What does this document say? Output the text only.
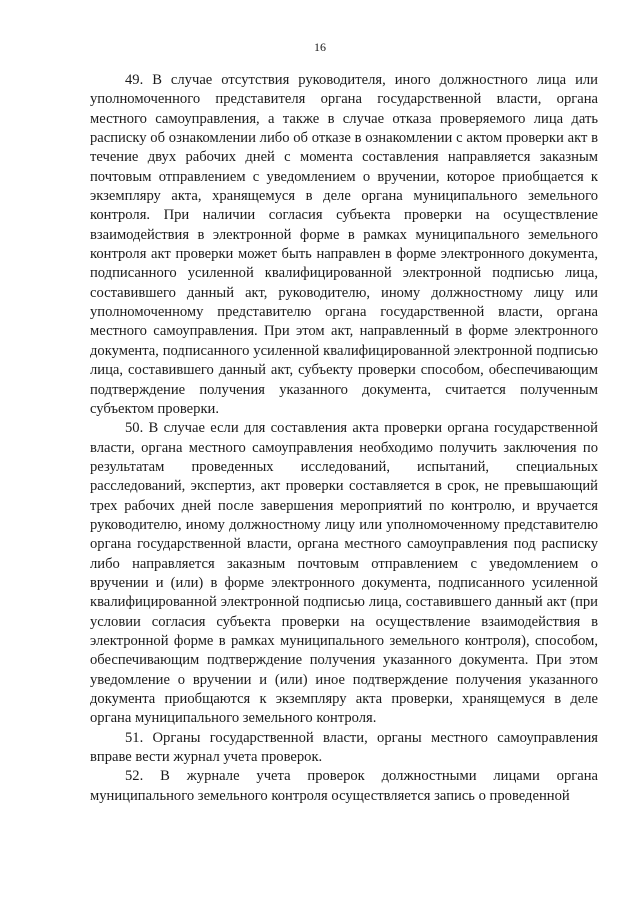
16

49. В случае отсутствия руководителя, иного должностного лица или уполномоченного представителя органа государственной власти, органа местного самоуправления, а также в случае отказа проверяемого лица дать расписку об ознакомлении либо об отказе в ознакомлении с актом проверки акт в течение двух рабочих дней с момента составления направляется заказным почтовым отправлением с уведомлением о вручении, которое приобщается к экземпляру акта, хранящемуся в деле органа муниципального земельного контроля. При наличии согласия субъекта проверки на осуществление взаимодействия в электронной форме в рамках муниципального земельного контроля акт проверки может быть направлен в форме электронного документа, подписанного усиленной квалифицированной электронной подписью лица, составившего данный акт, руководителю, иному должностному лицу или уполномоченному представителю органа государственной власти, органа местного самоуправления. При этом акт, направленный в форме электронного документа, подписанного усиленной квалифицированной электронной подписью лица, составившего данный акт, субъекту проверки способом, обеспечивающим подтверждение получения указанного документа, считается полученным субъектом проверки.

50. В случае если для составления акта проверки органа государственной власти, органа местного самоуправления необходимо получить заключения по результатам проведенных исследований, испытаний, специальных расследований, экспертиз, акт проверки составляется в срок, не превышающий трех рабочих дней после завершения мероприятий по контролю, и вручается руководителю, иному должностному лицу или уполномоченному представителю органа государственной власти, органа местного самоуправления под расписку либо направляется заказным почтовым отправлением с уведомлением о вручении и (или) в форме электронного документа, подписанного усиленной квалифицированной электронной подписью лица, составившего данный акт (при условии согласия субъекта проверки на осуществление взаимодействия в электронной форме в рамках муниципального земельного контроля), способом, обеспечивающим подтверждение получения указанного документа. При этом уведомление о вручении и (или) иное подтверждение получения указанного документа приобщаются к экземпляру акта проверки, хранящемуся в деле органа муниципального земельного контроля.

51. Органы государственной власти, органы местного самоуправления вправе вести журнал учета проверок.

52. В журнале учета проверок должностными лицами органа муниципального земельного контроля осуществляется запись о проведенной
